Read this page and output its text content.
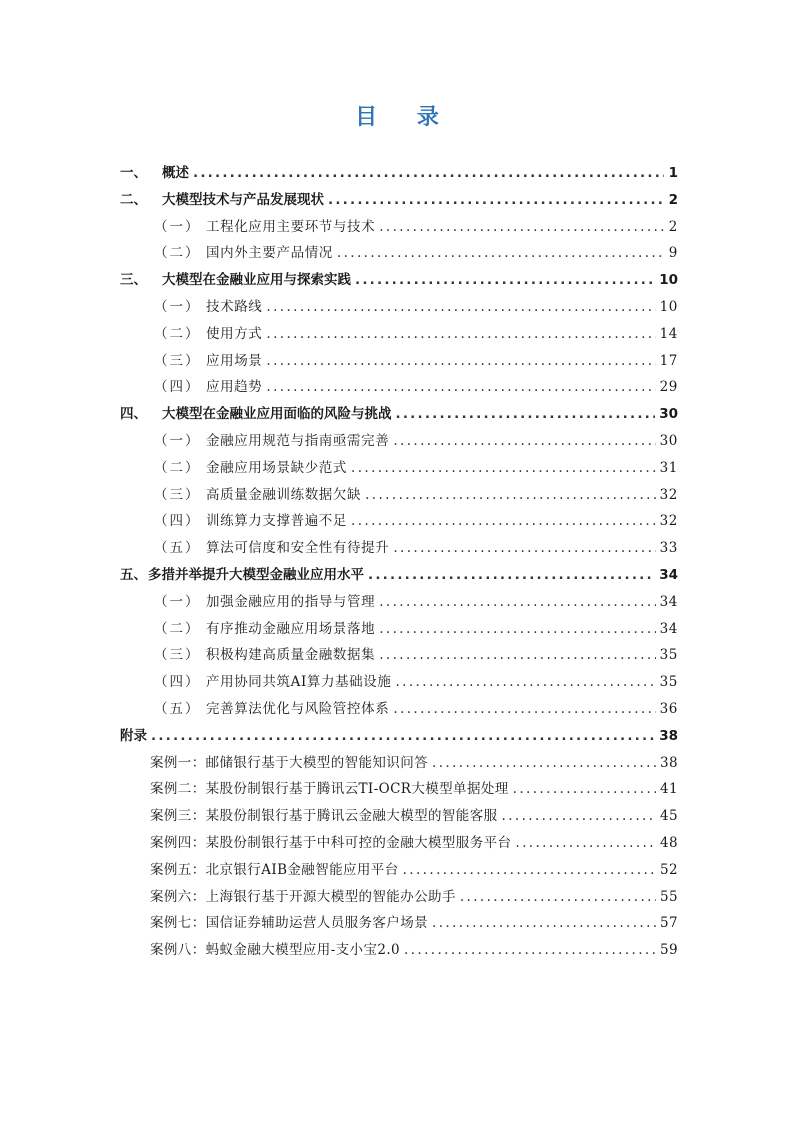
目 录
一、	概述 .....	1
二、	大模型技术与产品发展现状 .....	2
（一） 工程化应用主要环节与技术 .....	2
（二） 国内外主要产品情况 .....	9
三、	大模型在金融业应用与探索实践 .....	10
（一） 技术路线 .....	10
（二） 使用方式 .....	14
（三） 应用场景 .....	17
（四） 应用趋势 .....	29
四、	大模型在金融业应用面临的风险与挑战 .....	30
（一） 金融应用规范与指南亟需完善 .....	30
（二） 金融应用场景缺少范式 .....	31
（三） 高质量金融训练数据欠缺 .....	32
（四） 训练算力支撑普遍不足 .....	32
（五） 算法可信度和安全性有待提升 .....	33
五、 多措并举提升大模型金融业应用水平 .....	34
（一） 加强金融应用的指导与管理 .....	34
（二） 有序推动金融应用场景落地 .....	34
（三） 积极构建高质量金融数据集 .....	35
（四） 产用协同共筑AI算力基础设施 .....	35
（五） 完善算法优化与风险管控体系 .....	36
附录 .....	38
案例一：邮储银行基于大模型的智能知识问答 .....	38
案例二：某股份制银行基于腾讯云TI-OCR大模型单据处理 .....	41
案例三：某股份制银行基于腾讯云金融大模型的智能客服 .....	45
案例四：某股份制银行基于中科可控的金融大模型服务平台 .....	48
案例五：北京银行AIB金融智能应用平台 .....	52
案例六：上海银行基于开源大模型的智能办公助手 .....	55
案例七：国信证券辅助运营人员服务客户场景 .....	57
案例八：蚂蚁金融大模型应用-支小宝2.0 .....	59
